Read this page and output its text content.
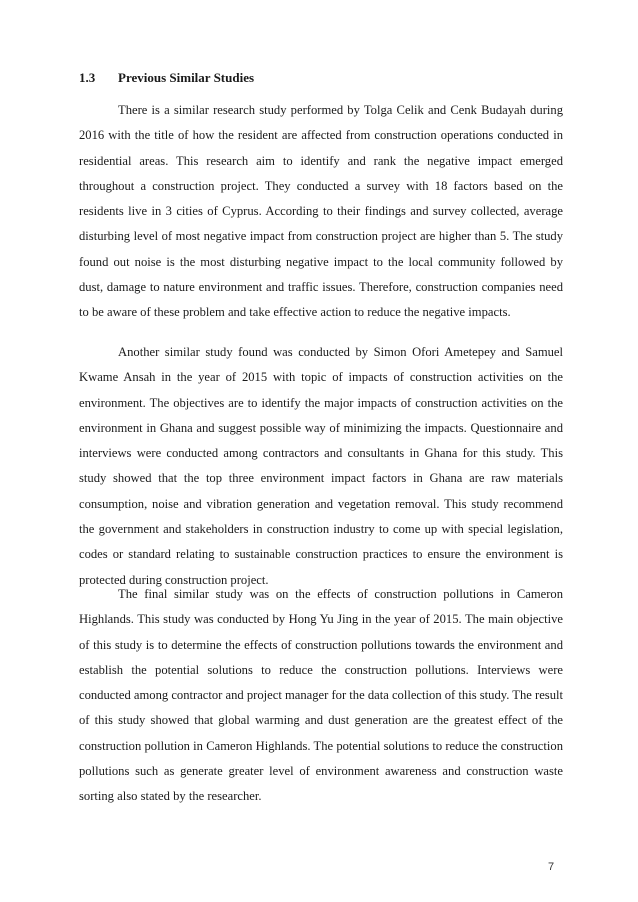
1.3 Previous Similar Studies

There is a similar research study performed by Tolga Celik and Cenk Budayah during 2016 with the title of how the resident are affected from construction operations conducted in residential areas. This research aim to identify and rank the negative impact emerged throughout a construction project. They conducted a survey with 18 factors based on the residents live in 3 cities of Cyprus. According to their findings and survey collected, average disturbing level of most negative impact from construction project are higher than 5. The study found out noise is the most disturbing negative impact to the local community followed by dust, damage to nature environment and traffic issues. Therefore, construction companies need to be aware of these problem and take effective action to reduce the negative impacts.

Another similar study found was conducted by Simon Ofori Ametepey and Samuel Kwame Ansah in the year of 2015 with topic of impacts of construction activities on the environment. The objectives are to identify the major impacts of construction activities on the environment in Ghana and suggest possible way of minimizing the impacts. Questionnaire and interviews were conducted among contractors and consultants in Ghana for this study. This study showed that the top three environment impact factors in Ghana are raw materials consumption, noise and vibration generation and vegetation removal. This study recommend the government and stakeholders in construction industry to come up with special legislation, codes or standard relating to sustainable construction practices to ensure the environment is protected during construction project.

The final similar study was on the effects of construction pollutions in Cameron Highlands. This study was conducted by Hong Yu Jing in the year of 2015. The main objective of this study is to determine the effects of construction pollutions towards the environment and establish the potential solutions to reduce the construction pollutions. Interviews were conducted among contractor and project manager for the data collection of this study. The result of this study showed that global warming and dust generation are the greatest effect of the construction pollution in Cameron Highlands. The potential solutions to reduce the construction pollutions such as generate greater level of environment awareness and construction waste sorting also stated by the researcher.

7
